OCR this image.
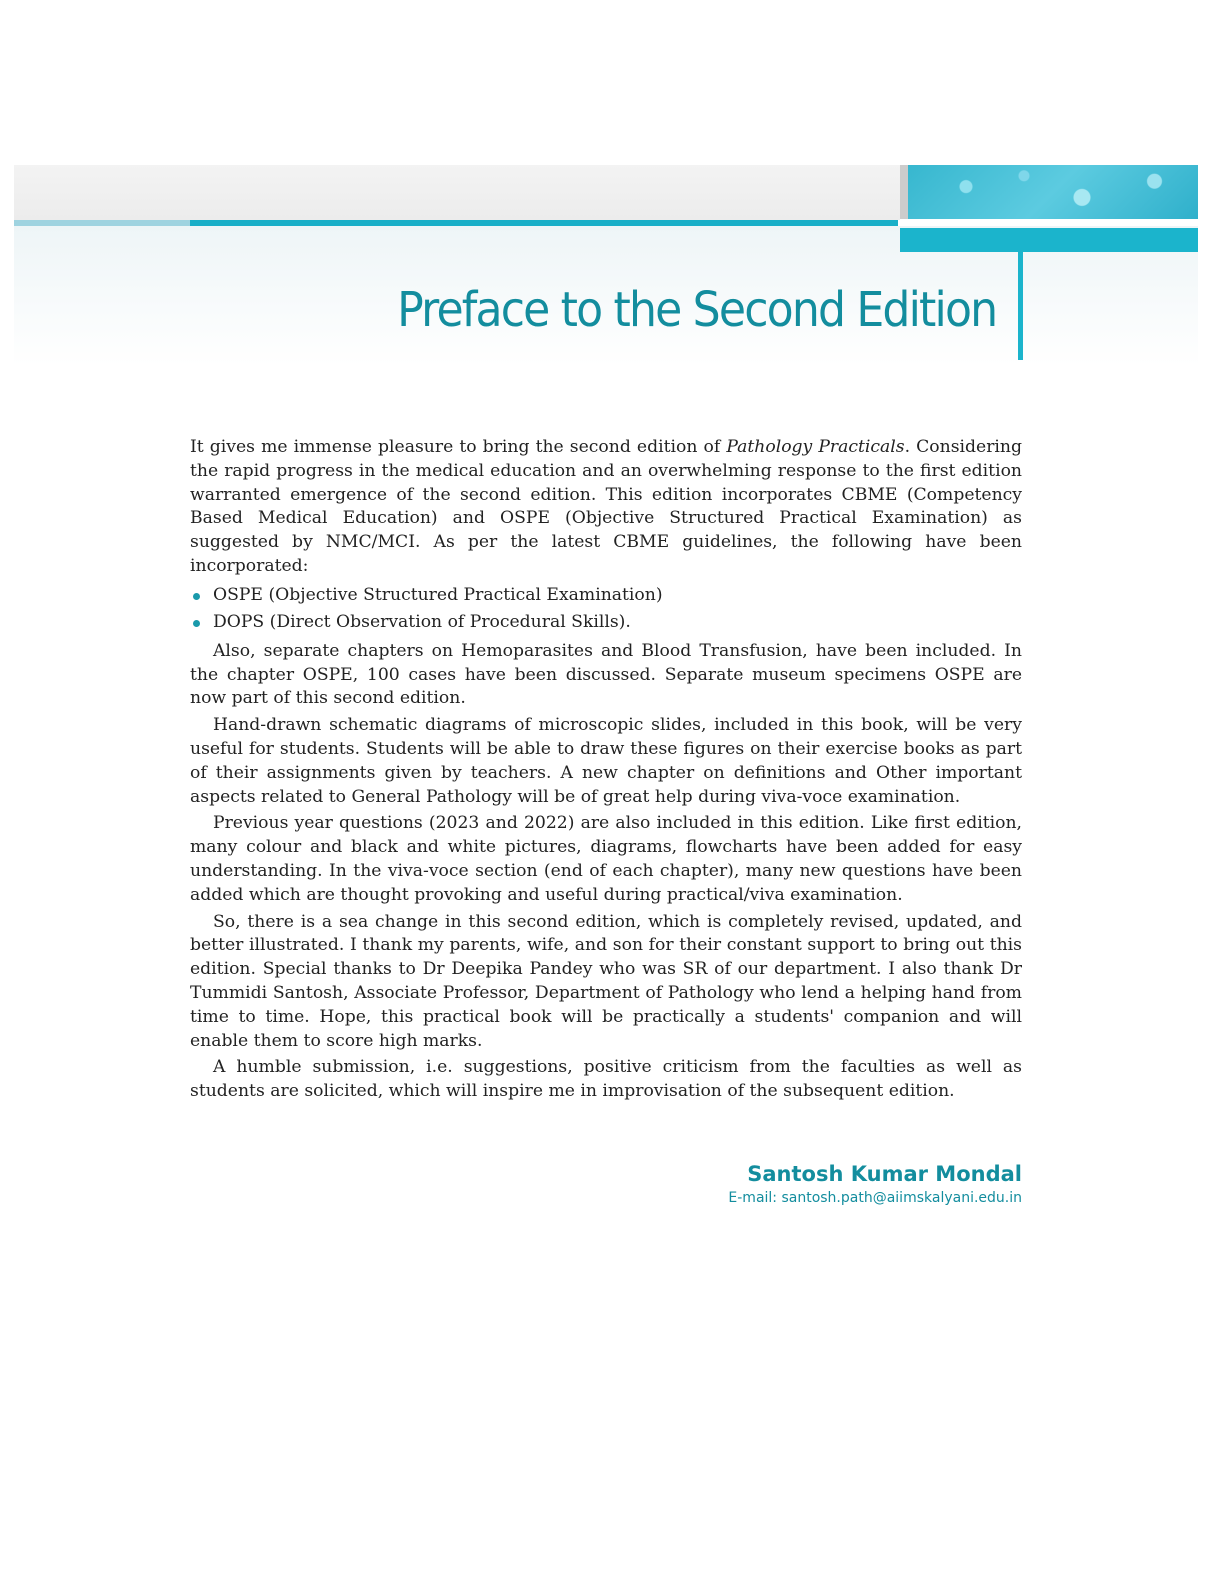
Preface to the Second Edition

It gives me immense pleasure to bring the second edition of Pathology Practicals. Considering the rapid progress in the medical education and an overwhelming response to the first edition warranted emergence of the second edition. This edition incorporates CBME (Competency Based Medical Education) and OSPE (Objective Structured Practical Examination) as suggested by NMC/MCI. As per the latest CBME guidelines, the following have been incorporated:

OSPE (Objective Structured Practical Examination)
DOPS (Direct Observation of Procedural Skills).

Also, separate chapters on Hemoparasites and Blood Transfusion, have been included. In the chapter OSPE, 100 cases have been discussed. Separate museum specimens OSPE are now part of this second edition.

Hand-drawn schematic diagrams of microscopic slides, included in this book, will be very useful for students. Students will be able to draw these figures on their exercise books as part of their assignments given by teachers. A new chapter on definitions and Other important aspects related to General Pathology will be of great help during viva-voce examination.

Previous year questions (2023 and 2022) are also included in this edition. Like first edition, many colour and black and white pictures, diagrams, flowcharts have been added for easy understanding. In the viva-voce section (end of each chapter), many new questions have been added which are thought provoking and useful during practical/viva examination.

So, there is a sea change in this second edition, which is completely revised, updated, and better illustrated. I thank my parents, wife, and son for their constant support to bring out this edition. Special thanks to Dr Deepika Pandey who was SR of our department. I also thank Dr Tummidi Santosh, Associate Professor, Department of Pathology who lend a helping hand from time to time. Hope, this practical book will be practically a students' companion and will enable them to score high marks.

A humble submission, i.e. suggestions, positive criticism from the faculties as well as students are solicited, which will inspire me in improvisation of the subsequent edition.

Santosh Kumar Mondal
E-mail: santosh.path@aiimskalyani.edu.in
